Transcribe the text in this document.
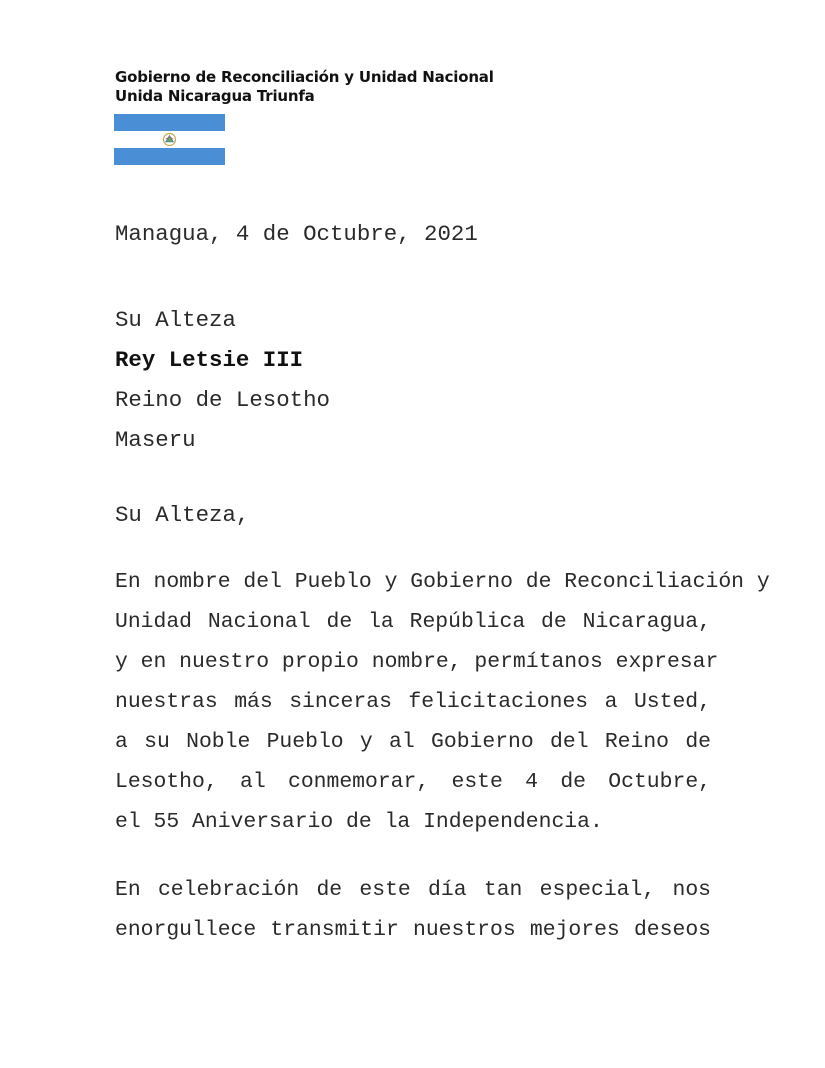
Gobierno de Reconciliación y Unidad Nacional
Unida Nicaragua Triunfa
Managua, 4 de Octubre, 2021
Su Alteza
Rey Letsie III
Reino de Lesotho
Maseru
Su Alteza,
En nombre del Pueblo y Gobierno de Reconciliación y
Unidad Nacional de la República de Nicaragua,
y en nuestro propio nombre, permítanos expresar
nuestras más sinceras felicitaciones a Usted,
a su Noble Pueblo y al Gobierno del Reino de
Lesotho, al conmemorar, este 4 de Octubre,
el 55 Aniversario de la Independencia.
En celebración de este día tan especial, nos
enorgullece transmitir nuestros mejores deseos
